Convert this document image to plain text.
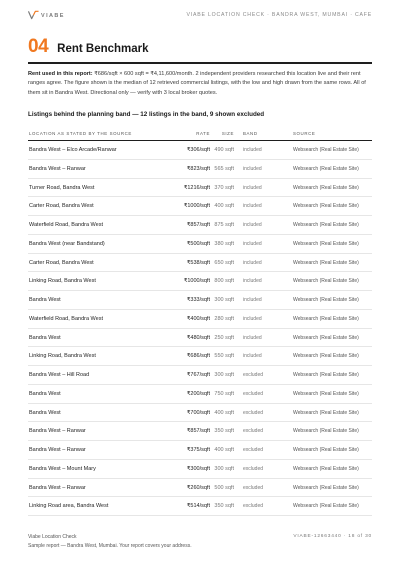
VIABE	VIABE LOCATION CHECK · BANDRA WEST, MUMBAI · CAFE
04 Rent Benchmark

Rent used in this report: ₹686/sqft × 600 sqft = ₹4,11,600/month. 2 independent providers researched this location live and their rent ranges agree. The figure shown is the median of 12 retrieved commercial listings, with the low and high drawn from the same rows. All of them sit in Bandra West. Directional only — verify with 3 local broker quotes.

Listings behind the planning band — 12 listings in the band, 9 shown excluded
LOCATION AS STATED BY THE SOURCE	RATE	SIZE BAND	SOURCE
Bandra West – Elco Arcade/Ranwar	₹306/sqft 490 sqft included	Websearch (Real Estate Site)
Bandra West – Ranwar	₹823/sqft 565 sqft included	Websearch (Real Estate Site)
Turner Road, Bandra West	₹1216/sqft 370 sqft included	Websearch (Real Estate Site)
Carter Road, Bandra West	₹1000/sqft 400 sqft included	Websearch (Real Estate Site)
Waterfield Road, Bandra West	₹857/sqft 875 sqft included	Websearch (Real Estate Site)
Bandra West (near Bandstand)	₹500/sqft 380 sqft included	Websearch (Real Estate Site)
Carter Road, Bandra West	₹538/sqft 650 sqft included	Websearch (Real Estate Site)
Linking Road, Bandra West	₹1000/sqft 800 sqft included	Websearch (Real Estate Site)
Bandra West	₹333/sqft 300 sqft included	Websearch (Real Estate Site)
Waterfield Road, Bandra West	₹400/sqft 280 sqft included	Websearch (Real Estate Site)
Bandra West	₹480/sqft 250 sqft included	Websearch (Real Estate Site)
Linking Road, Bandra West	₹686/sqft 550 sqft included	Websearch (Real Estate Site)
Bandra West – Hill Road	₹767/sqft 300 sqft excluded	Websearch (Real Estate Site)
Bandra West	₹200/sqft 750 sqft excluded	Websearch (Real Estate Site)
Bandra West	₹700/sqft 400 sqft excluded	Websearch (Real Estate Site)
Bandra West – Ranwar	₹857/sqft 350 sqft excluded	Websearch (Real Estate Site)
Bandra West – Ranwar	₹375/sqft 400 sqft excluded	Websearch (Real Estate Site)
Bandra West – Mount Mary	₹300/sqft 300 sqft excluded	Websearch (Real Estate Site)
Bandra West – Ranwar	₹260/sqft 500 sqft excluded	Websearch (Real Estate Site)
Linking Road area, Bandra West	₹514/sqft 350 sqft excluded	Websearch (Real Estate Site)
Viabe Location Check
Sample report — Bandra West, Mumbai. Your report covers your address.
VIABE-12663440 · 18 of 30
